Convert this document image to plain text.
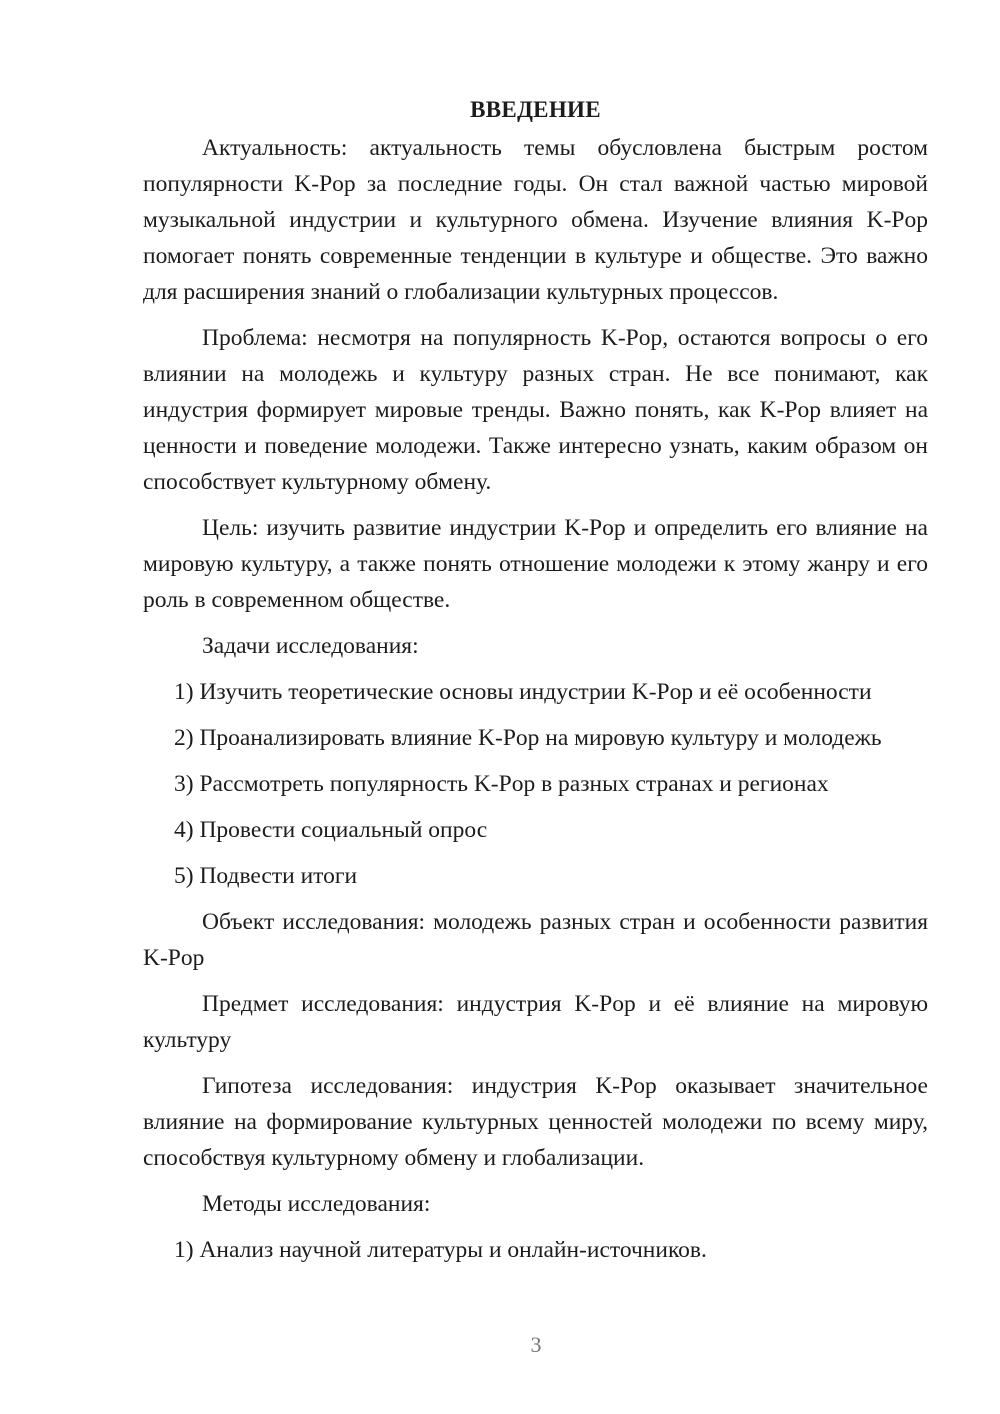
ВВЕДЕНИЕ

Актуальность: актуальность темы обусловлена быстрым ростом популярности K-Pop за последние годы. Он стал важной частью мировой музыкальной индустрии и культурного обмена. Изучение влияния K-Pop помогает понять современные тенденции в культуре и обществе. Это важно для расширения знаний о глобализации культурных процессов.

Проблема: несмотря на популярность K-Pop, остаются вопросы о его влиянии на молодежь и культуру разных стран. Не все понимают, как индустрия формирует мировые тренды. Важно понять, как K-Pop влияет на ценности и поведение молодежи. Также интересно узнать, каким образом он способствует культурному обмену.

Цель: изучить развитие индустрии K-Pop и определить его влияние на мировую культуру, а также понять отношение молодежи к этому жанру и его роль в современном обществе.

Задачи исследования:

1) Изучить теоретические основы индустрии K-Pop и её особенности

2) Проанализировать влияние K-Pop на мировую культуру и молодежь

3) Рассмотреть популярность K-Pop в разных странах и регионах

4) Провести социальный опрос

5) Подвести итоги

Объект исследования: молодежь разных стран и особенности развития K-Pop

Предмет исследования: индустрия K-Pop и её влияние на мировую культуру

Гипотеза исследования: индустрия K-Pop оказывает значительное влияние на формирование культурных ценностей молодежи по всему миру, способствуя культурному обмену и глобализации.

Методы исследования:

1) Анализ научной литературы и онлайн-источников.

3
